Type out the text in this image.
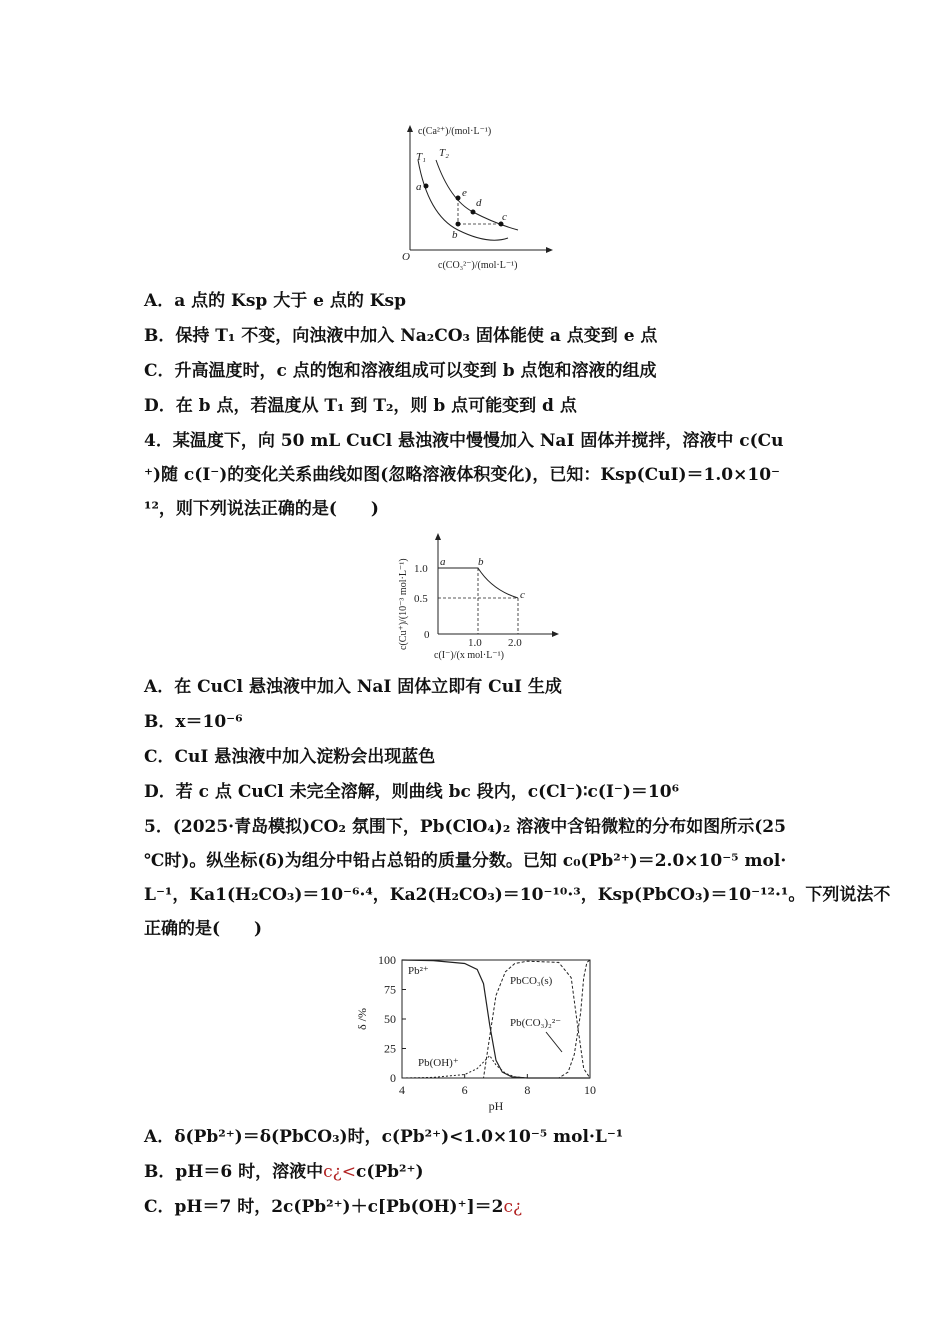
c(Ca²⁺)/(mol·L⁻¹)
c(CO₃²⁻)/(mol·L⁻¹)
O
T₁ T₂
a	e
d
b
c
A．a 点的 Ksp 大于 e 点的 Ksp
B．保持 T₁ 不变，向浊液中加入 Na₂CO₃ 固体能使 a 点变到 e 点
C．升高温度时，c 点的饱和溶液组成可以变到 b 点饱和溶液的组成
D．在 b 点，若温度从 T₁ 到 T₂，则 b 点可能变到 d 点
4．某温度下，向 50 mL CuCl 悬浊液中慢慢加入 NaI 固体并搅拌，溶液中 c(Cu
⁺)随 c(I⁻)的变化关系曲线如图(忽略溶液体积变化)，已知：Ksp(CuI)＝1.0×10⁻
¹²，则下列说法正确的是(　　)
1.0
0.5
0
1.0 2.0
c(I⁻)/(x mol·L⁻¹)
c(Cu⁺)/(10⁻³ mol·L⁻¹)	a	b
c
A．在 CuCl 悬浊液中加入 NaI 固体立即有 CuI 生成
B．x＝10⁻⁶
C．CuI 悬浊液中加入淀粉会出现蓝色
D．若 c 点 CuCl 未完全溶解，则曲线 bc 段内，c(Cl⁻)∶c(I⁻)＝10⁶
5．(2025·青岛模拟)CO₂ 氛围下，Pb(ClO₄)₂ 溶液中含铅微粒的分布如图所示(25
℃时)。纵坐标(δ)为组分中铅占总铅的质量分数。已知 c₀(Pb²⁺)＝2.0×10⁻⁵ mol·
L⁻¹，Ka1(H₂CO₃)＝10⁻⁶·⁴，Ka2(H₂CO₃)＝10⁻¹⁰·³，Ksp(PbCO₃)＝10⁻¹²·¹。下列说法不
正确的是(　　)
0
25
50
75
100
4	6	8	10
pH
δ /%
Pb²⁺
Pb(OH)⁺
PbCO₃(s)
Pb(CO₃)₂²⁻
A．δ(Pb²⁺)＝δ(PbCO₃)时，c(Pb²⁺)<1.0×10⁻⁵ mol·L⁻¹
B．pH＝6 时，溶液中c¿<c(Pb²⁺)
C．pH＝7 时，2c(Pb²⁺)＋c[Pb(OH)⁺]＝2c¿
